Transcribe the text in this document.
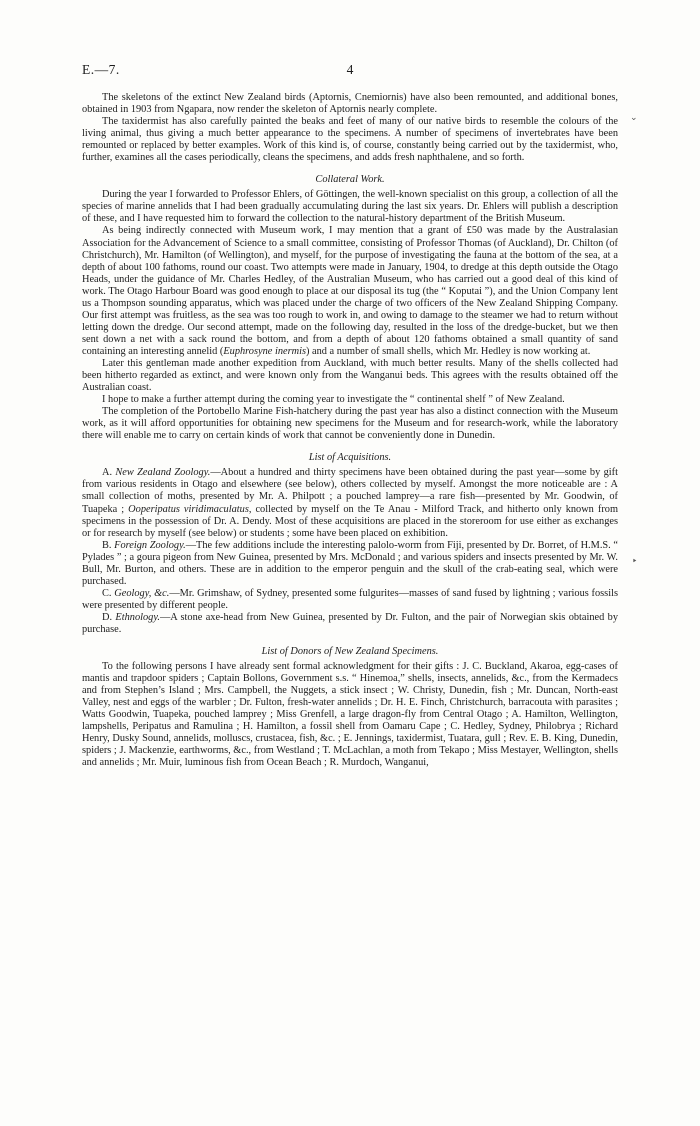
E.—7.	4
⌄
‣

The skeletons of the extinct New Zealand birds (Aptornis, Cnemiornis) have also been remounted, and additional bones, obtained in 1903 from Ngapara, now render the skeleton of Aptornis nearly complete.

The taxidermist has also carefully painted the beaks and feet of many of our native birds to resemble the colours of the living animal, thus giving a much better appearance to the specimens. A number of specimens of invertebrates have been remounted or replaced by better examples. Work of this kind is, of course, constantly being carried out by the taxidermist, who, further, examines all the cases periodically, cleans the specimens, and adds fresh naphthalene, and so forth.

Collateral Work.

During the year I forwarded to Professor Ehlers, of Göttingen, the well-known specialist on this group, a collection of all the species of marine annelids that I had been gradually accumulating during the last six years. Dr. Ehlers will publish a description of these, and I have requested him to forward the collection to the natural-history department of the British Museum.

As being indirectly connected with Museum work, I may mention that a grant of £50 was made by the Australasian Association for the Advancement of Science to a small committee, consisting of Professor Thomas (of Auckland), Dr. Chilton (of Christchurch), Mr. Hamilton (of Wellington), and myself, for the purpose of investigating the fauna at the bottom of the sea, at a depth of about 100 fathoms, round our coast. Two attempts were made in January, 1904, to dredge at this depth outside the Otago Heads, under the guidance of Mr. Charles Hedley, of the Australian Museum, who has carried out a good deal of this kind of work. The Otago Harbour Board was good enough to place at our disposal its tug (the “ Koputai ”), and the Union Company lent us a Thompson sounding apparatus, which was placed under the charge of two officers of the New Zealand Shipping Company. Our first attempt was fruitless, as the sea was too rough to work in, and owing to damage to the steamer we had to return without letting down the dredge. Our second attempt, made on the following day, resulted in the loss of the dredge-bucket, but we then sent down a net with a sack round the bottom, and from a depth of about 120 fathoms obtained a small quantity of sand containing an interesting annelid (Euphrosyne inermis) and a number of small shells, which Mr. Hedley is now working at.

Later this gentleman made another expedition from Auckland, with much better results. Many of the shells collected had been hitherto regarded as extinct, and were known only from the Wanganui beds. This agrees with the results obtained off the Australian coast.

I hope to make a further attempt during the coming year to investigate the “ continental shelf ” of New Zealand.

The completion of the Portobello Marine Fish-hatchery during the past year has also a distinct connection with the Museum work, as it will afford opportunities for obtaining new specimens for the Museum and for research-work, while the laboratory there will enable me to carry on certain kinds of work that cannot be conveniently done in Dunedin.

List of Acquisitions.

A. New Zealand Zoology.—About a hundred and thirty specimens have been obtained during the past year—some by gift from various residents in Otago and elsewhere (see below), others collected by myself. Amongst the more noticeable are : A small collection of moths, presented by Mr. A. Philpott ; a pouched lamprey—a rare fish—presented by Mr. Goodwin, of Tuapeka ; Ooperipatus viridimaculatus, collected by myself on the Te Anau - Milford Track, and hitherto only known from specimens in the possession of Dr. A. Dendy. Most of these acquisitions are placed in the storeroom for use either as exchanges or for research by myself (see below) or students ; some have been placed on exhibition.

B. Foreign Zoology.—The few additions include the interesting palolo-worm from Fiji, presented by Dr. Borret, of H.M.S. “ Pylades ” ; a goura pigeon from New Guinea, presented by Mrs. McDonald ; and various spiders and insects presented by Mr. W. Bull, Mr. Burton, and others. These are in addition to the emperor penguin and the skull of the crab-eating seal, which were purchased.

C. Geology, &c.—Mr. Grimshaw, of Sydney, presented some fulgurites—masses of sand fused by lightning ; various fossils were presented by different people.

D. Ethnology.—A stone axe-head from New Guinea, presented by Dr. Fulton, and the pair of Norwegian skis obtained by purchase.

List of Donors of New Zealand Specimens.

To the following persons I have already sent formal acknowledgment for their gifts : J. C. Buckland, Akaroa, egg-cases of mantis and trapdoor spiders ; Captain Bollons, Government s.s. “ Hinemoa,” shells, insects, annelids, &c., from the Kermadecs and from Stephen’s Island ; Mrs. Campbell, the Nuggets, a stick insect ; W. Christy, Dunedin, fish ; Mr. Duncan, North-east Valley, nest and eggs of the warbler ; Dr. Fulton, fresh-water annelids ; Dr. H. E. Finch, Christchurch, barracouta with parasites ; Watts Goodwin, Tuapeka, pouched lamprey ; Miss Grenfell, a large dragon-fly from Central Otago ; A. Hamilton, Wellington, lampshells, Peripatus and Ramulina ; H. Hamilton, a fossil shell from Oamaru Cape ; C. Hedley, Sydney, Philobrya ; Richard Henry, Dusky Sound, annelids, molluscs, crustacea, fish, &c. ; E. Jennings, taxidermist, Tuatara, gull ; Rev. E. B. King, Dunedin, spiders ; J. Mackenzie, earthworms, &c., from Westland ; T. McLachlan, a moth from Tekapo ; Miss Mestayer, Wellington, shells and annelids ; Mr. Muir, luminous fish from Ocean Beach ; R. Murdoch, Wanganui,
